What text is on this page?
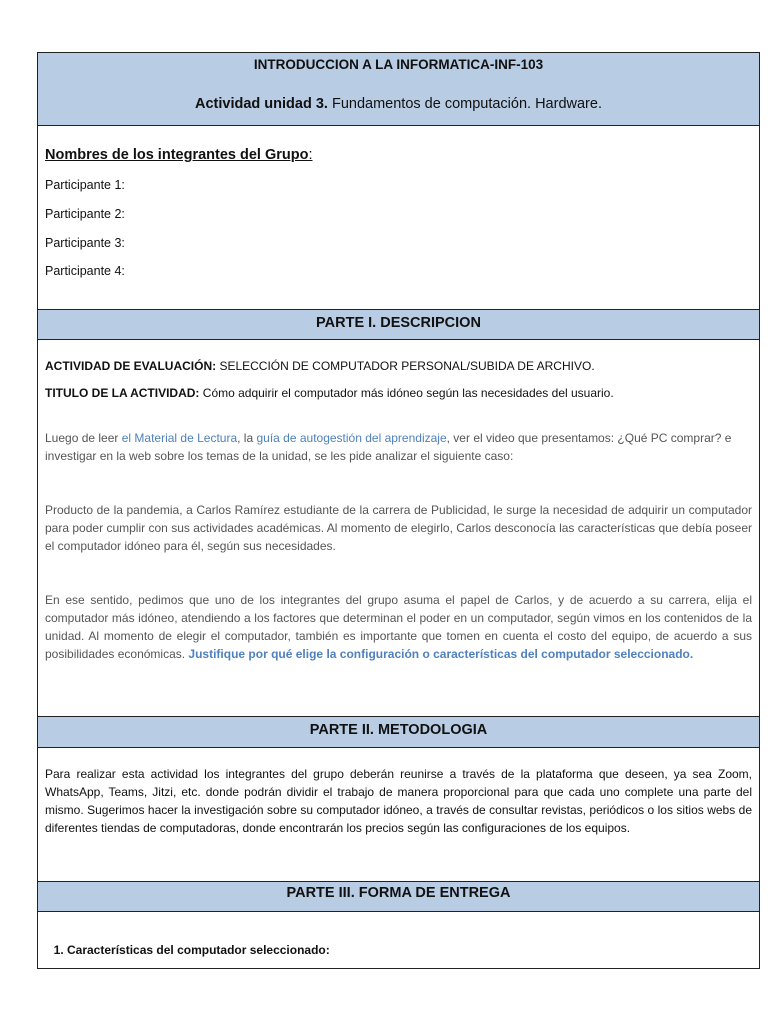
INTRODUCCION A LA INFORMATICA-INF-103
Actividad unidad 3. Fundamentos de computación. Hardware.
Nombres de los integrantes del Grupo:
Participante 1:
Participante 2:
Participante 3:
Participante 4:
PARTE I. DESCRIPCION
ACTIVIDAD DE EVALUACIÓN: SELECCIÓN DE COMPUTADOR PERSONAL/SUBIDA DE ARCHIVO.
TITULO DE LA ACTIVIDAD: Cómo adquirir el computador más idóneo según las necesidades del usuario.
Luego de leer el Material de Lectura, la guía de autogestión del aprendizaje, ver el video que presentamos: ¿Qué PC comprar? e investigar en la web sobre los temas de la unidad, se les pide analizar el siguiente caso:
Producto de la pandemia, a Carlos Ramírez estudiante de la carrera de Publicidad, le surge la necesidad de adquirir un computador para poder cumplir con sus actividades académicas. Al momento de elegirlo, Carlos desconocía las características que debía poseer el computador idóneo para él, según sus necesidades.
En ese sentido, pedimos que uno de los integrantes del grupo asuma el papel de Carlos, y de acuerdo a su carrera, elija el computador más idóneo, atendiendo a los factores que determinan el poder en un computador, según vimos en los contenidos de la unidad. Al momento de elegir el computador, también es importante que tomen en cuenta el costo del equipo, de acuerdo a sus posibilidades económicas. Justifique por qué elige la configuración o características del computador seleccionado.
PARTE II. METODOLOGIA
Para realizar esta actividad los integrantes del grupo deberán reunirse a través de la plataforma que deseen, ya sea Zoom, WhatsApp, Teams, Jitzi, etc. donde podrán dividir el trabajo de manera proporcional para que cada uno complete una parte del mismo. Sugerimos hacer la investigación sobre su computador idóneo, a través de consultar revistas, periódicos o los sitios webs de diferentes tiendas de computadoras, donde encontrarán los precios según las configuraciones de los equipos.
PARTE III. FORMA DE ENTREGA
1. Características del computador seleccionado:
